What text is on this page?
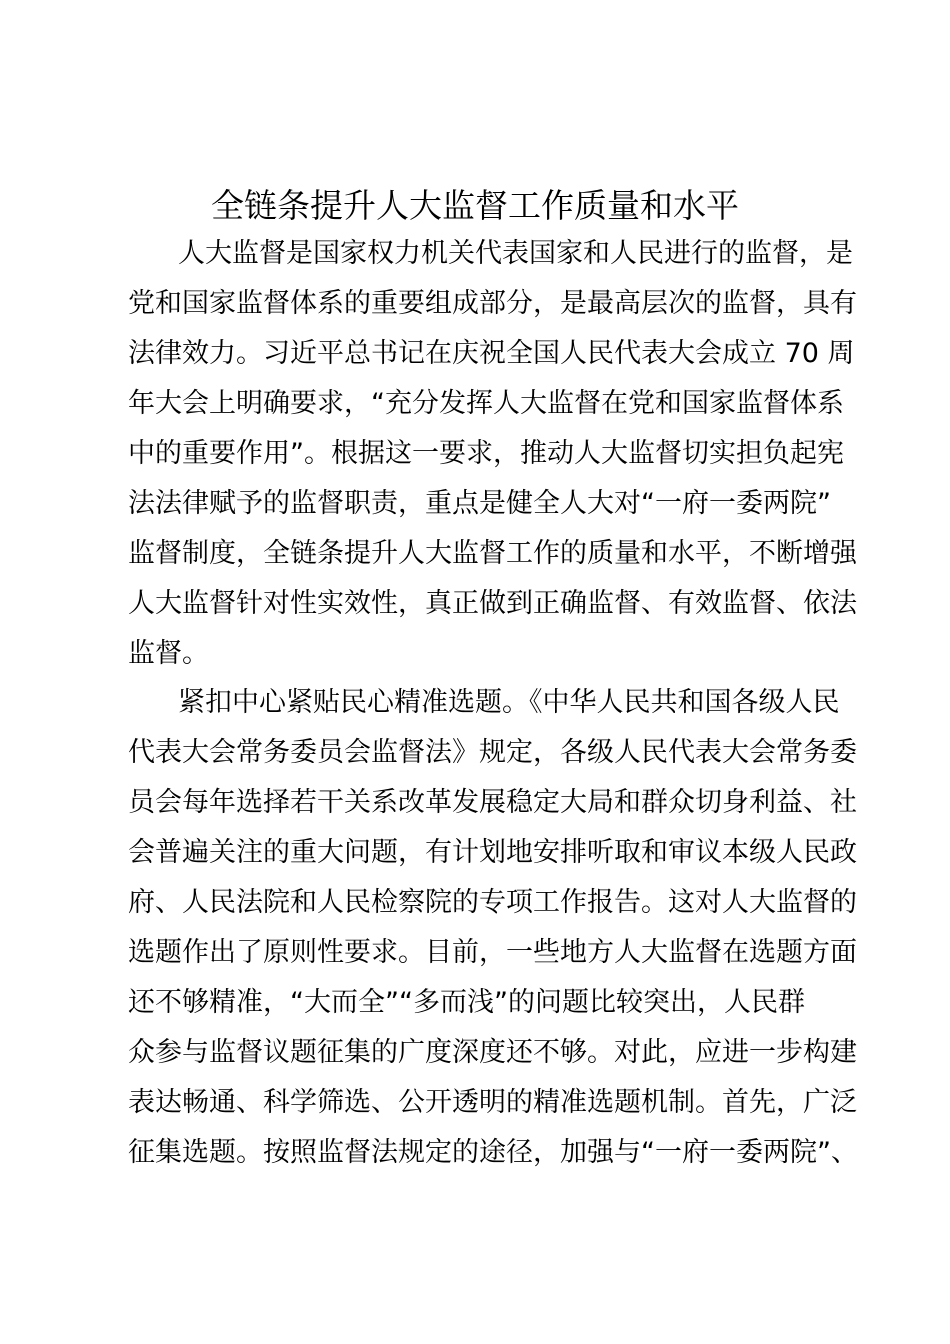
全链条提升人大监督工作质量和水平

人大监督是国家权力机关代表国家和人民进行的监督，是

党和国家监督体系的重要组成部分，是最高层次的监督，具有

法律效力。习近平总书记在庆祝全国人民代表大会成立 70 周

年大会上明确要求，“充分发挥人大监督在党和国家监督体系

中的重要作用”。根据这一要求，推动人大监督切实担负起宪

法法律赋予的监督职责，重点是健全人大对“一府一委两院”

监督制度，全链条提升人大监督工作的质量和水平，不断增强

人大监督针对性实效性，真正做到正确监督、有效监督、依法

监督。

紧扣中心紧贴民心精准选题。《中华人民共和国各级人民

代表大会常务委员会监督法》规定，各级人民代表大会常务委

员会每年选择若干关系改革发展稳定大局和群众切身利益、社

会普遍关注的重大问题，有计划地安排听取和审议本级人民政

府、人民法院和人民检察院的专项工作报告。这对人大监督的

选题作出了原则性要求。目前，一些地方人大监督在选题方面

还不够精准，“大而全”“多而浅”的问题比较突出，人民群

众参与监督议题征集的广度深度还不够。对此，应进一步构建

表达畅通、科学筛选、公开透明的精准选题机制。首先，广泛

征集选题。按照监督法规定的途径，加强与“一府一委两院”、
